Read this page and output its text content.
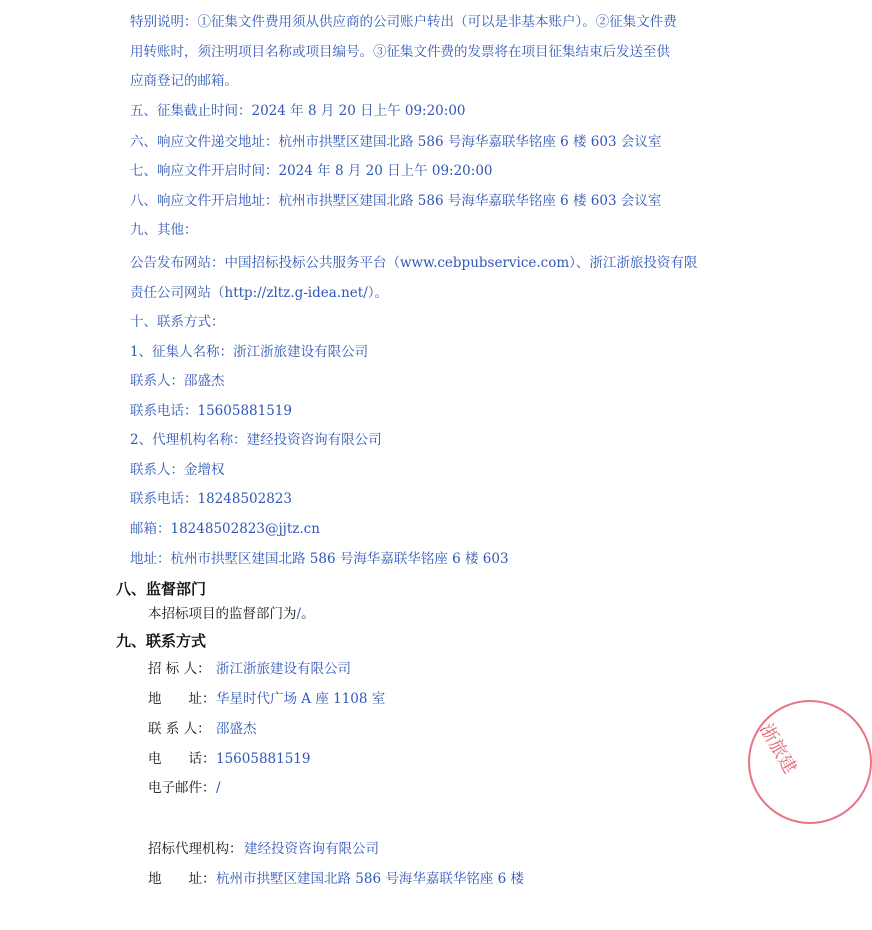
特别说明：①征集文件费用须从供应商的公司账户转出（可以是非基本账户）。②征集文件费
用转账时，须注明项目名称或项目编号。③征集文件费的发票将在项目征集结束后发送至供
应商登记的邮箱。
五、征集截止时间：2024 年 8 月 20 日上午 09:20:00
六、响应文件递交地址：杭州市拱墅区建国北路 586 号海华嘉联华铭座 6 楼 603 会议室
七、响应文件开启时间：2024 年 8 月 20 日上午 09:20:00
八、响应文件开启地址：杭州市拱墅区建国北路 586 号海华嘉联华铭座 6 楼 603 会议室
九、其他：
公告发布网站：中国招标投标公共服务平台（www.cebpubservice.com）、浙江浙旅投资有限
责任公司网站（http://zltz.g-idea.net/）。
十、联系方式：
1、征集人名称：浙江浙旅建设有限公司
联系人：邵盛杰
联系电话：15605881519
2、代理机构名称：建经投资咨询有限公司
联系人：金增权
联系电话：18248502823
邮箱：18248502823@jjtz.cn
地址：杭州市拱墅区建国北路 586 号海华嘉联华铭座 6 楼 603
八、监督部门
本招标项目的监督部门为/。
九、联系方式
招 标 人： 浙江浙旅建设有限公司
地　　址：华星时代广场 A 座 1108 室
联 系 人： 邵盛杰
电　　话：15605881519
电子邮件：/
招标代理机构： 建经投资咨询有限公司
地　　址：杭州市拱墅区建国北路 586 号海华嘉联华铭座 6 楼
浙旅建
